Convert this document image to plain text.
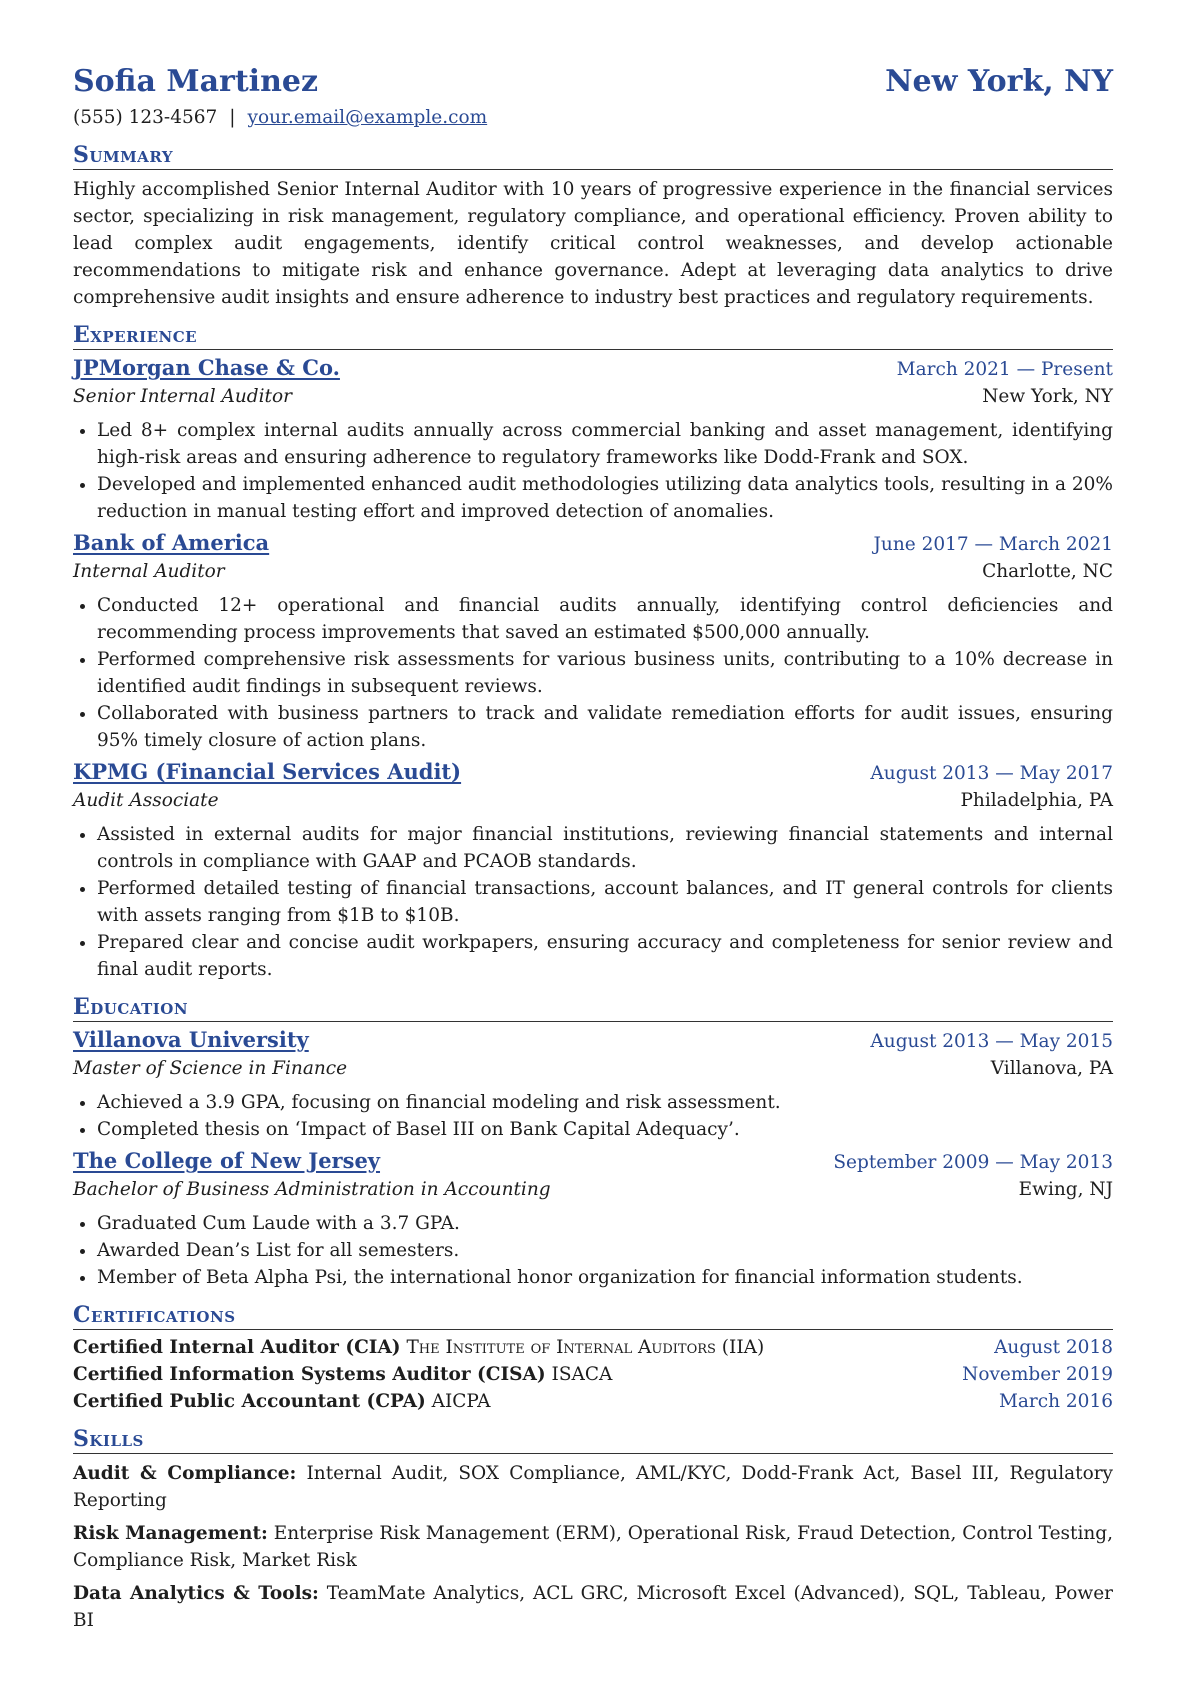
Sofia Martinez	New York, NY
(555) 123-4567 | your.email@example.com
Summary
Highly accomplished Senior Internal Auditor with 10 years of progressive experience in the financial services sector, specializing in risk management, regulatory compliance, and operational efficiency. Proven ability to lead complex audit engagements, identify critical control weaknesses, and develop actionable recommendations to mitigate risk and enhance governance. Adept at leveraging data analytics to drive comprehensive audit insights and ensure adherence to industry best practices and regulatory requirements.
Experience
JPMorgan Chase & Co.	March 2021 — Present
Senior Internal Auditor	New York, NY
• Led 8+ complex internal audits annually across commercial banking and asset management, identifying high-risk areas and ensuring adherence to regulatory frameworks like Dodd-Frank and SOX.
• Developed and implemented enhanced audit methodologies utilizing data analytics tools, resulting in a 20% reduction in manual testing effort and improved detection of anomalies.
Bank of America	June 2017 — March 2021
Internal Auditor	Charlotte, NC
• Conducted 12+ operational and financial audits annually, identifying control deficiencies and recommending process improvements that saved an estimated $500,000 annually.
• Performed comprehensive risk assessments for various business units, contributing to a 10% decrease in identified audit findings in subsequent reviews.
• Collaborated with business partners to track and validate remediation efforts for audit issues, ensuring 95% timely closure of action plans.
KPMG (Financial Services Audit)	August 2013 — May 2017
Audit Associate	Philadelphia, PA
• Assisted in external audits for major financial institutions, reviewing financial statements and internal controls in compliance with GAAP and PCAOB standards.
• Performed detailed testing of financial transactions, account balances, and IT general controls for clients with assets ranging from $1B to $10B.
• Prepared clear and concise audit workpapers, ensuring accuracy and completeness for senior review and final audit reports.
Education
Villanova University	August 2013 — May 2015
Master of Science in Finance	Villanova, PA
• Achieved a 3.9 GPA, focusing on financial modeling and risk assessment.
• Completed thesis on ‘Impact of Basel III on Bank Capital Adequacy’.
The College of New Jersey	September 2009 — May 2013
Bachelor of Business Administration in Accounting	Ewing, NJ
• Graduated Cum Laude with a 3.7 GPA.
• Awarded Dean’s List for all semesters.
• Member of Beta Alpha Psi, the international honor organization for financial information students.
Certifications
Certified Internal Auditor (CIA) The Institute of Internal Auditors (IIA)	August 2018
Certified Information Systems Auditor (CISA) ISACA	November 2019
Certified Public Accountant (CPA) AICPA	March 2016
Skills
Audit & Compliance: Internal Audit, SOX Compliance, AML/KYC, Dodd-Frank Act, Basel III, Regulatory Reporting
Risk Management: Enterprise Risk Management (ERM), Operational Risk, Fraud Detection, Control Testing, Compliance Risk, Market Risk
Data Analytics & Tools: TeamMate Analytics, ACL GRC, Microsoft Excel (Advanced), SQL, Tableau, Power BI
